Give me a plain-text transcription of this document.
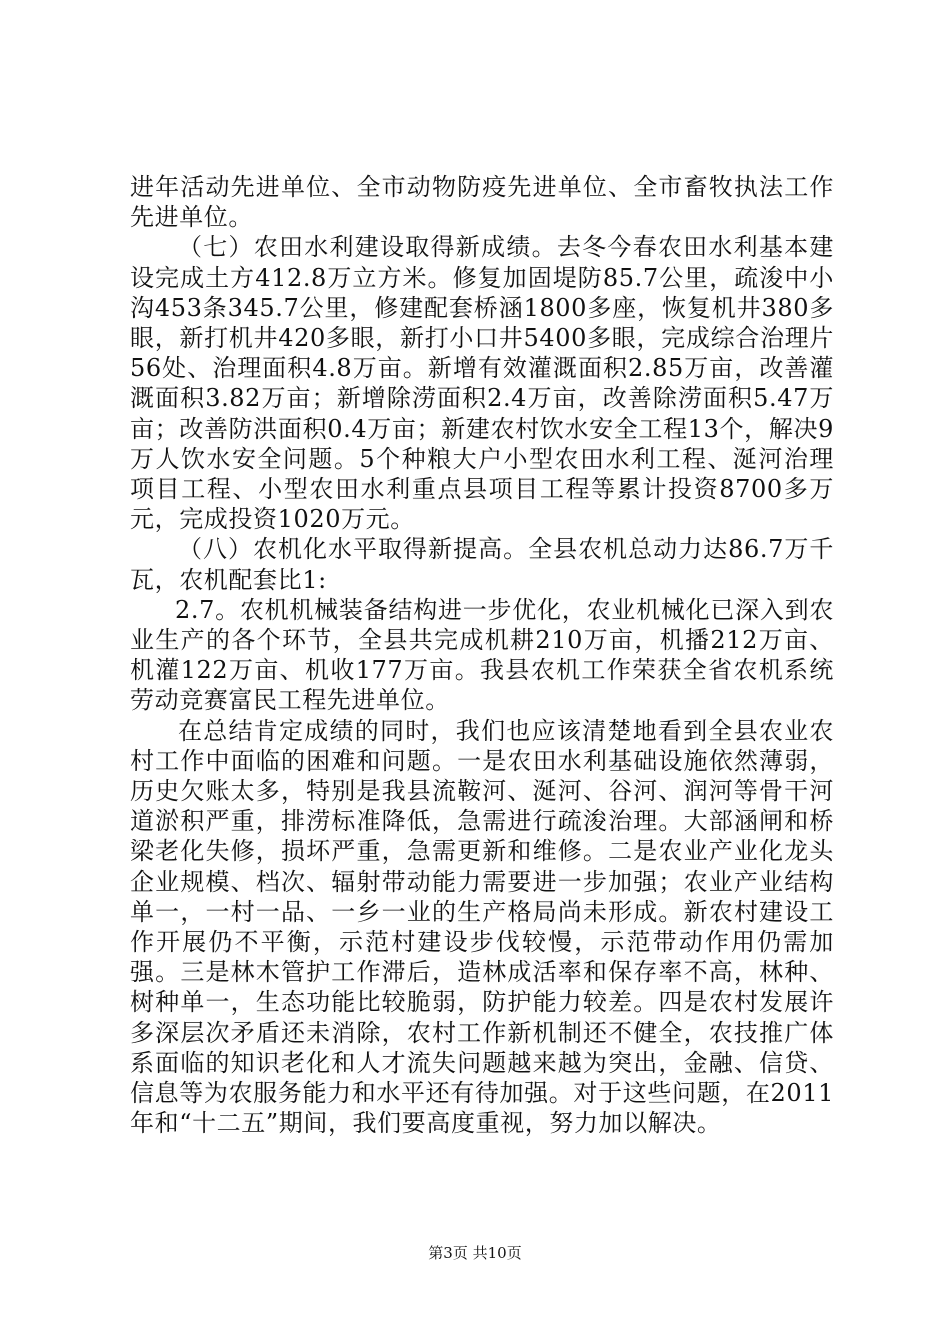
进年活动先进单位、全市动物防疫先进单位、全市畜牧执法工作先进单位。

（七）农田水利建设取得新成绩。去冬今春农田水利基本建设完成土方412.8万立方米。修复加固堤防85.7公里，疏浚中小沟453条345.7公里，修建配套桥涵1800多座，恢复机井380多眼，新打机井420多眼，新打小口井5400多眼，完成综合治理片56处、治理面积4.8万亩。新增有效灌溉面积2.85万亩，改善灌溉面积3.82万亩；新增除涝面积2.4万亩，改善除涝面积5.47万亩；改善防洪面积0.4万亩；新建农村饮水安全工程13个，解决9万人饮水安全问题。5个种粮大户小型农田水利工程、涎河治理项目工程、小型农田水利重点县项目工程等累计投资8700多万元，完成投资1020万元。

（八）农机化水平取得新提高。全县农机总动力达86.7万千瓦，农机配套比1:

2.7。农机机械装备结构进一步优化，农业机械化已深入到农业生产的各个环节，全县共完成机耕210万亩，机播212万亩、机灌122万亩、机收177万亩。我县农机工作荣获全省农机系统劳动竞赛富民工程先进单位。

在总结肯定成绩的同时，我们也应该清楚地看到全县农业农村工作中面临的困难和问题。一是农田水利基础设施依然薄弱，历史欠账太多，特别是我县流鞍河、涎河、谷河、润河等骨干河道淤积严重，排涝标准降低，急需进行疏浚治理。大部涵闸和桥梁老化失修，损坏严重，急需更新和维修。二是农业产业化龙头企业规模、档次、辐射带动能力需要进一步加强；农业产业结构单一，一村一品、一乡一业的生产格局尚未形成。新农村建设工作开展仍不平衡，示范村建设步伐较慢，示范带动作用仍需加强。三是林木管护工作滞后，造林成活率和保存率不高，林种、树种单一，生态功能比较脆弱，防护能力较差。四是农村发展许多深层次矛盾还未消除，农村工作新机制还不健全，农技推广体系面临的知识老化和人才流失问题越来越为突出，金融、信贷、信息等为农服务能力和水平还有待加强。对于这些问题，在2011年和“十二五”期间，我们要高度重视，努力加以解决。

第3页 共10页
